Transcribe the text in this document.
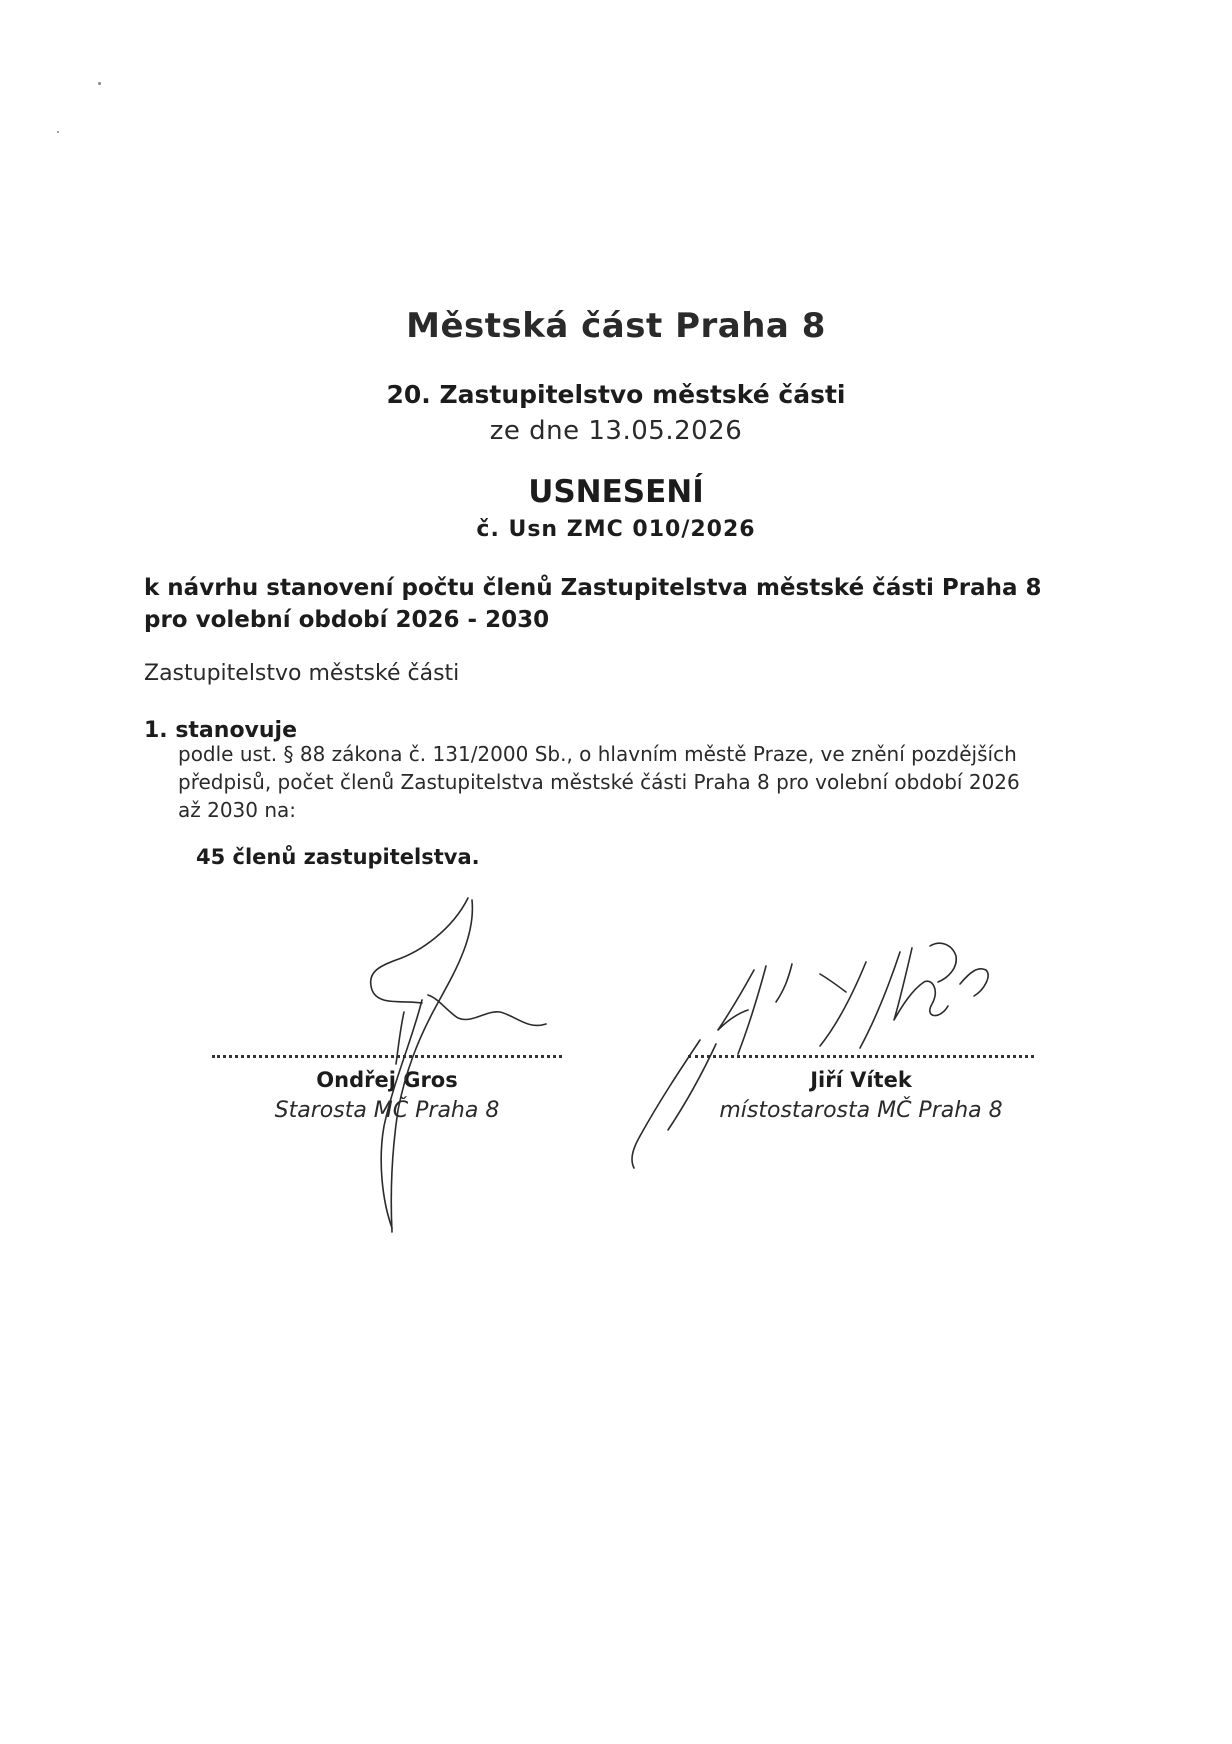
Městská část Praha 8
20. Zastupitelstvo městské části
ze dne 13.05.2026
USNESENÍ
č. Usn ZMC 010/2026
k návrhu stanovení počtu členů Zastupitelstva městské části Praha 8
pro volební období 2026 - 2030
Zastupitelstvo městské části
1. stanovuje
podle ust. § 88 zákona č. 131/2000 Sb., o hlavním městě Praze, ve znění pozdějších
předpisů, počet členů Zastupitelstva městské části Praha 8 pro volební období 2026
až 2030 na:
45 členů zastupitelstva.
Ondřej Gros
Starosta MČ Praha 8
Jiří Vítek
místostarosta MČ Praha 8
